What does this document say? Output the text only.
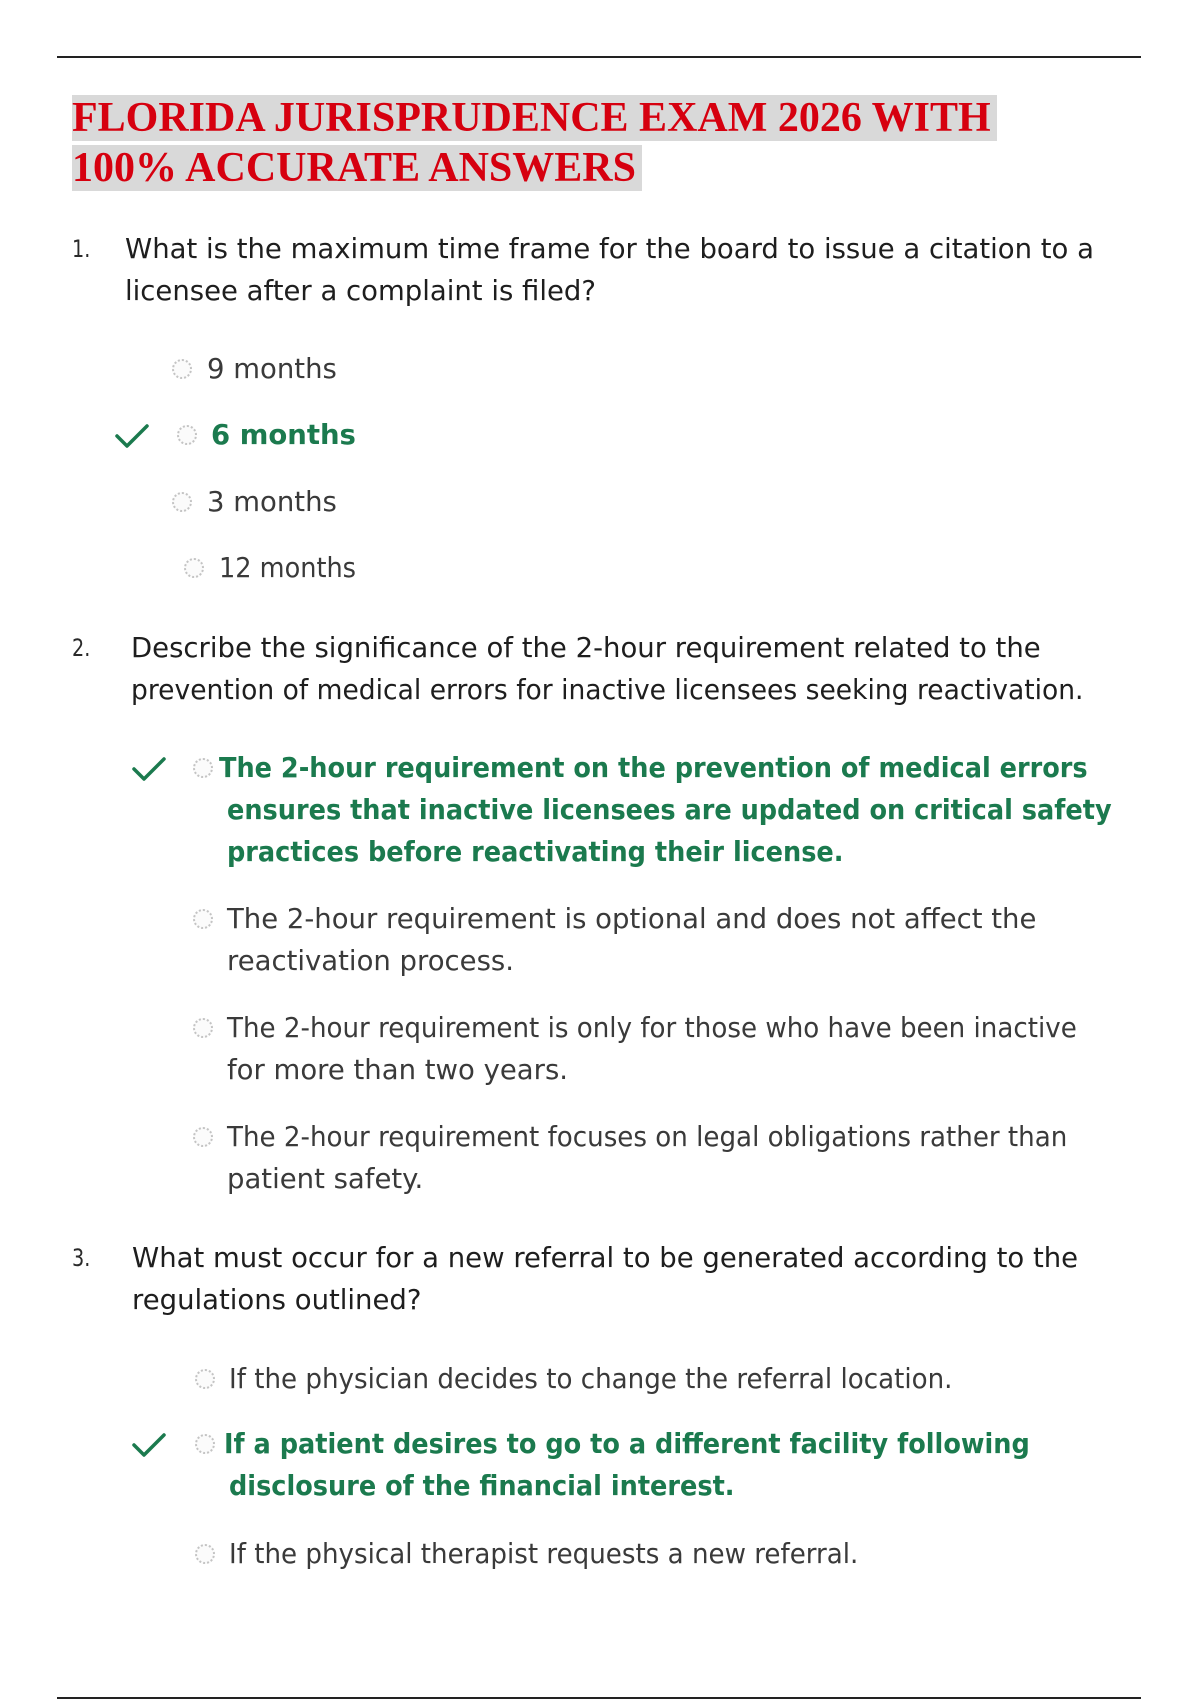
FLORIDA JURISPRUDENCE EXAM 2026 WITH
100% ACCURATE ANSWERS
1. What is the maximum time frame for the board to issue a citation to a
licensee after a complaint is filed?
9 months
6 months
3 months
12 months
2. Describe the significance of the 2-hour requirement related to the
prevention of medical errors for inactive licensees seeking reactivation.
The 2-hour requirement on the prevention of medical errors
ensures that inactive licensees are updated on critical safety
practices before reactivating their license.
The 2-hour requirement is optional and does not affect the
reactivation process.
The 2-hour requirement is only for those who have been inactive
for more than two years.
The 2-hour requirement focuses on legal obligations rather than
patient safety.
3. What must occur for a new referral to be generated according to the
regulations outlined?
If the physician decides to change the referral location.
If a patient desires to go to a different facility following
disclosure of the financial interest.
If the physical therapist requests a new referral.
